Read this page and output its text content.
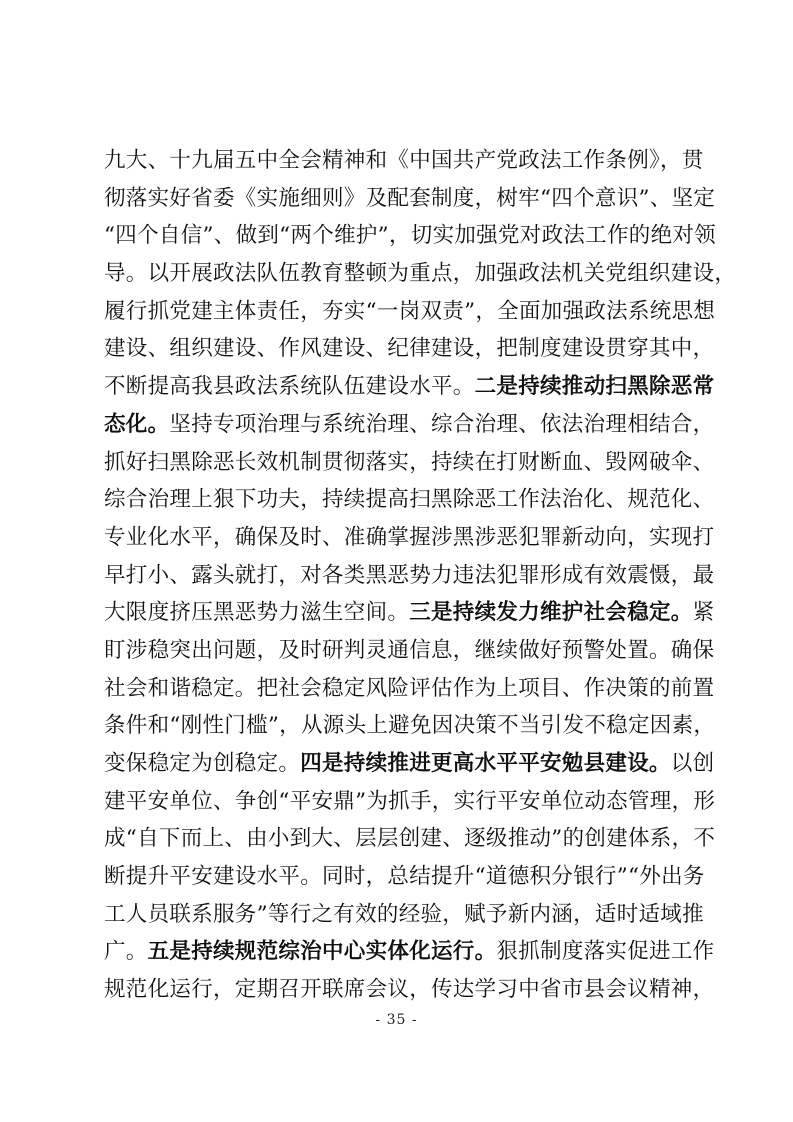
九大、十九届五中全会精神和《中国共产党政法工作条例》，贯
彻落实好省委《实施细则》及配套制度，树牢“四个意识”、坚定
“四个自信”、做到“两个维护”，切实加强党对政法工作的绝对领
导。以开展政法队伍教育整顿为重点，加强政法机关党组织建设，
履行抓党建主体责任，夯实“一岗双责”，全面加强政法系统思想
建设、组织建设、作风建设、纪律建设，把制度建设贯穿其中，
不断提高我县政法系统队伍建设水平。二是持续推动扫黑除恶常
态化。坚持专项治理与系统治理、综合治理、依法治理相结合，
抓好扫黑除恶长效机制贯彻落实，持续在打财断血、毁网破伞、
综合治理上狠下功夫，持续提高扫黑除恶工作法治化、规范化、
专业化水平，确保及时、准确掌握涉黑涉恶犯罪新动向，实现打
早打小、露头就打，对各类黑恶势力违法犯罪形成有效震慑，最
大限度挤压黑恶势力滋生空间。三是持续发力维护社会稳定。紧
盯涉稳突出问题，及时研判灵通信息，继续做好预警处置。确保
社会和谐稳定。把社会稳定风险评估作为上项目、作决策的前置
条件和“刚性门槛”，从源头上避免因决策不当引发不稳定因素，
变保稳定为创稳定。四是持续推进更高水平平安勉县建设。以创
建平安单位、争创“平安鼎”为抓手，实行平安单位动态管理，形
成“自下而上、由小到大、层层创建、逐级推动”的创建体系，不
断提升平安建设水平。同时，总结提升“道德积分银行”“外出务
工人员联系服务”等行之有效的经验，赋予新内涵，适时适域推
广。五是持续规范综治中心实体化运行。狠抓制度落实促进工作
规范化运行，定期召开联席会议，传达学习中省市县会议精神，
- 35 -
